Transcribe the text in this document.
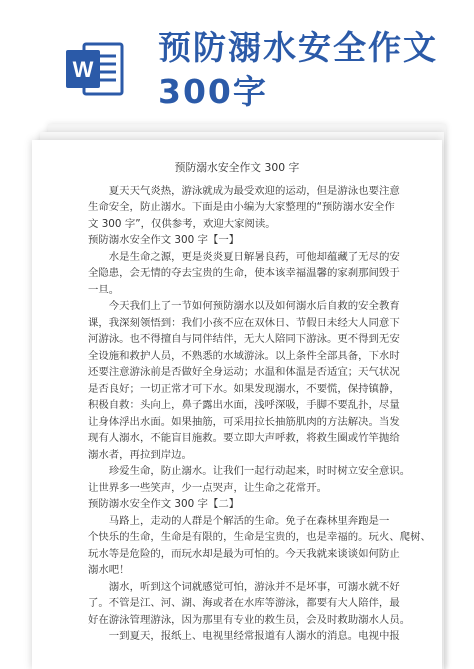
W
预防溺水安全作文 300字
预防溺水安全作文 300 字
夏天天气炎热，游泳就成为最受欢迎的运动，但是游泳也要注意
生命安全，防止溺水。下面是由小编为大家整理的“预防溺水安全作
文 300 字”，仅供参考，欢迎大家阅读。
预防溺水安全作文 300 字【一】
水是生命之源，更是炎炎夏日解暑良药，可他却蕴藏了无尽的安
全隐患，会无情的夺去宝贵的生命，使本该幸福温馨的家刹那间毁于
一旦。
今天我们上了一节如何预防溺水以及如何溺水后自救的安全教育
课，我深刻领悟到：我们小孩不应在双休日、节假日未经大人同意下
河游泳。也不得擅自与同伴结伴，无大人陪同下游泳。更不得到无安
全设施和救护人员，不熟悉的水域游泳。以上条件全部具备，下水时
还要注意游泳前是否做好全身运动；水温和体温是否适宜；天气状况
是否良好；一切正常才可下水。如果发现溺水，不要慌，保持镇静，
积极自救：头向上，鼻子露出水面，浅呼深吸，手脚不要乱扑，尽量
让身体浮出水面。如果抽筋，可采用拉长抽筋肌肉的方法解决。当发
现有人溺水，不能盲目施救。要立即大声呼救，将救生圈或竹竿抛给
溺水者，再拉到岸边。
珍爱生命，防止溺水。让我们一起行动起来，时时树立安全意识。
让世界多一些笑声，少一点哭声，让生命之花常开。
预防溺水安全作文 300 字【二】
马路上，走动的人群是个解活的生命。免子在森林里奔跑是一
个快乐的生命，生命是有限的，生命是宝贵的，也是幸福的。玩火、爬树、
玩水等是危险的，而玩水却是最为可怕的。今天我就来谈谈如何防止
溺水吧！
溺水，听到这个词就感觉可怕，游泳并不是坏事，可溺水就不好
了。不管是江、河、湖、海或者在水库等游泳，都要有大人陪伴，最
好在游泳管理游泳，因为那里有专业的救生员，会及时救助溺水人员。
一到夏天，报纸上、电视里经常报道有人溺水的消息。电视中报
